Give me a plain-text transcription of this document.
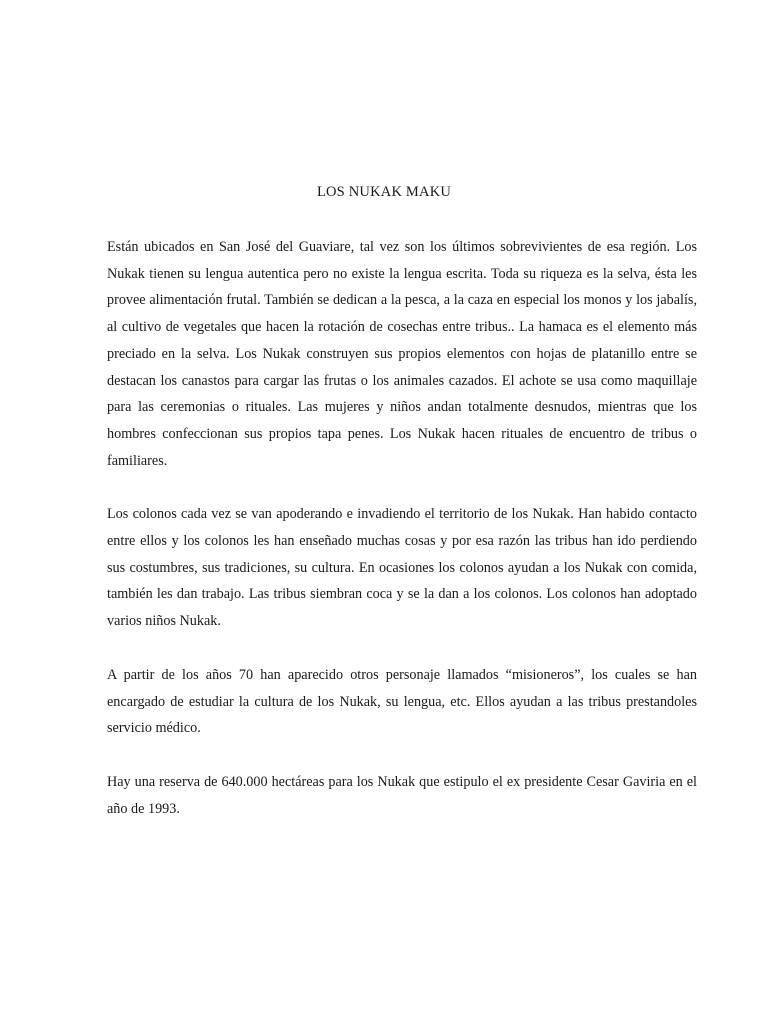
LOS NUKAK MAKU

Están ubicados en San José del Guaviare, tal vez son los últimos sobrevivientes de esa región. Los Nukak tienen su lengua autentica pero no existe la lengua escrita. Toda su riqueza es la selva, ésta les provee alimentación frutal. También se dedican a la pesca, a la caza en especial los monos y los jabalís, al cultivo de vegetales que hacen la rotación de cosechas entre tribus.. La hamaca es el elemento más preciado en la selva. Los Nukak construyen sus propios elementos con hojas de platanillo entre se destacan los canastos para cargar las frutas o los animales cazados. El achote se usa como maquillaje para las ceremonias o rituales. Las mujeres y niños andan totalmente desnudos, mientras que los hombres confeccionan sus propios tapa penes. Los Nukak hacen rituales de encuentro de tribus o familiares.

Los colonos cada vez se van apoderando e invadiendo el territorio de los Nukak. Han habido contacto entre ellos y los colonos les han enseñado muchas cosas y por esa razón las tribus han ido perdiendo sus costumbres, sus tradiciones, su cultura. En ocasiones los colonos ayudan a los Nukak con comida, también les dan trabajo. Las tribus siembran coca y se la dan a los colonos. Los colonos han adoptado varios niños Nukak.

A partir de los años 70 han aparecido otros personaje llamados “misioneros”, los cuales se han encargado de estudiar la cultura de los Nukak, su lengua, etc. Ellos ayudan a las tribus prestandoles servicio médico.

Hay una reserva de 640.000 hectáreas para los Nukak que estipulo el ex presidente Cesar Gaviria en el año de 1993.
